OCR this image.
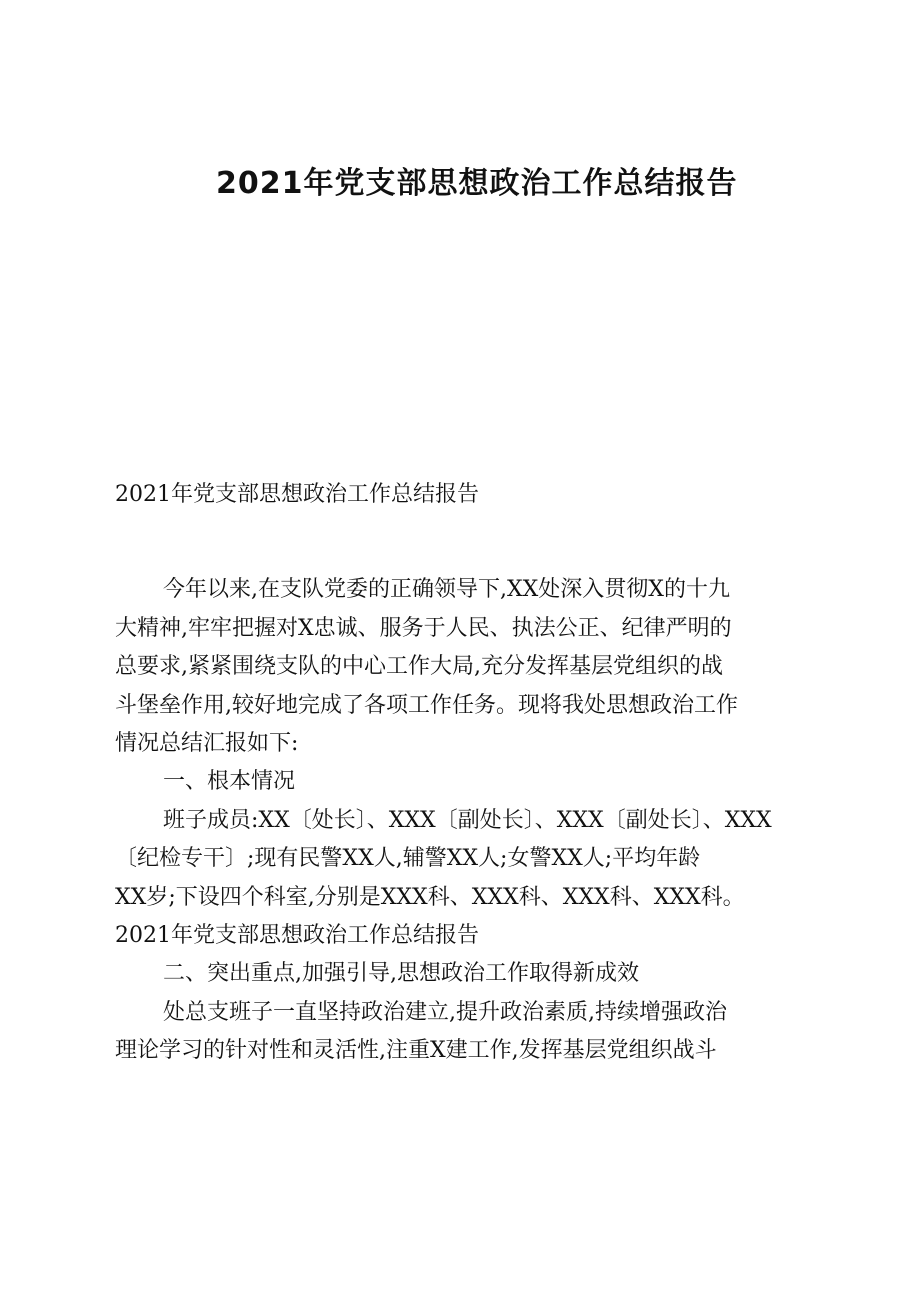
2021年党支部思想政治工作总结报告

2021年党支部思想政治工作总结报告

今年以来,在支队党委的正确领导下,XX处深入贯彻X的十九

大精神,牢牢把握对X忠诚、服务于人民、执法公正、纪律严明的

总要求,紧紧围绕支队的中心工作大局,充分发挥基层党组织的战

斗堡垒作用,较好地完成了各项工作任务。现将我处思想政治工作

情况总结汇报如下:

一、根本情况

班子成员:XX〔处长〕、XXX〔副处长〕、XXX〔副处长〕、XXX

〔纪检专干〕;现有民警XX人,辅警XX人;女警XX人;平均年龄

XX岁;下设四个科室,分别是XXX科、XXX科、XXX科、XXX科。

2021年党支部思想政治工作总结报告

二、突出重点,加强引导,思想政治工作取得新成效

处总支班子一直坚持政治建立,提升政治素质,持续增强政治

理论学习的针对性和灵活性,注重X建工作,发挥基层党组织战斗
